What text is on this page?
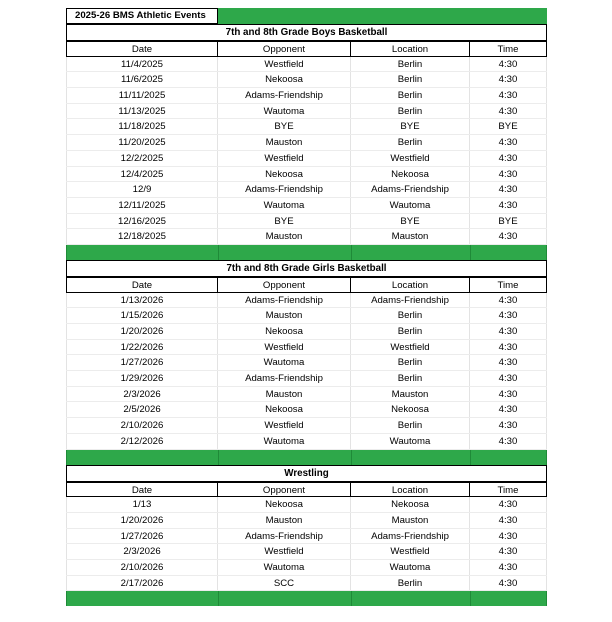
2025-26 BMS Athletic Events
7th and 8th Grade Boys Basketball
Date	Opponent	Location	Time
11/4/2025	Westfield	Berlin	4:30
11/6/2025	Nekoosa	Berlin	4:30
11/11/2025	Adams-Friendship	Berlin	4:30
11/13/2025	Wautoma	Berlin	4:30
11/18/2025	BYE	BYE	BYE
11/20/2025	Mauston	Berlin	4:30
12/2/2025	Westfield	Westfield	4:30
12/4/2025	Nekoosa	Nekoosa	4:30
12/9	Adams-Friendship	Adams-Friendship	4:30
12/11/2025	Wautoma	Wautoma	4:30
12/16/2025	BYE	BYE	BYE
12/18/2025	Mauston	Mauston	4:30
7th and 8th Grade Girls Basketball
Date	Opponent	Location	Time
1/13/2026	Adams-Friendship	Adams-Friendship	4:30
1/15/2026	Mauston	Berlin	4:30
1/20/2026	Nekoosa	Berlin	4:30
1/22/2026	Westfield	Westfield	4:30
1/27/2026	Wautoma	Berlin	4:30
1/29/2026	Adams-Friendship	Berlin	4:30
2/3/2026	Mauston	Mauston	4:30
2/5/2026	Nekoosa	Nekoosa	4:30
2/10/2026	Westfield	Berlin	4:30
2/12/2026	Wautoma	Wautoma	4:30
Wrestling
Date	Opponent	Location	Time
1/13	Nekoosa	Nekoosa	4:30
1/20/2026	Mauston	Mauston	4:30
1/27/2026	Adams-Friendship	Adams-Friendship	4:30
2/3/2026	Westfield	Westfield	4:30
2/10/2026	Wautoma	Wautoma	4:30
2/17/2026	SCC	Berlin	4:30
